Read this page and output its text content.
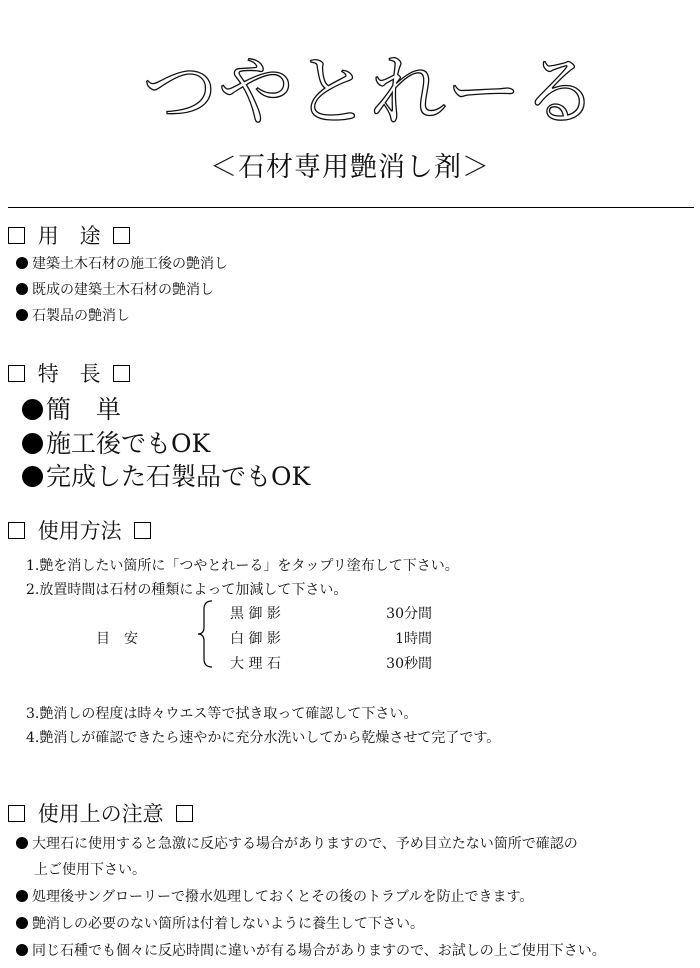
つやとれーる
＜石材専用艶消し剤＞
用　途
建築土木石材の施工後の艶消し
既成の建築土木石材の艶消し
石製品の艶消し
特　長
簡　単
施工後でもOK
完成した石製品でもOK
使用方法
1.艶を消したい箇所に「つやとれーる」をタップリ塗布して下さい。
2.放置時間は石材の種類によって加減して下さい。
目　安
黒 御 影
白 御 影
大 理 石
30分間
1時間
30秒間
3.艶消しの程度は時々ウエス等で拭き取って確認して下さい。
4.艶消しが確認できたら速やかに充分水洗いしてから乾燥させて完了です。
使用上の注意
大理石に使用すると急激に反応する場合がありますので、予め目立たない箇所で確認の
上ご使用下さい。
処理後サングローリーで撥水処理しておくとその後のトラブルを防止できます。
艶消しの必要のない箇所は付着しないように養生して下さい。
同じ石種でも個々に反応時間に違いが有る場合がありますので、お試しの上ご使用下さい。
